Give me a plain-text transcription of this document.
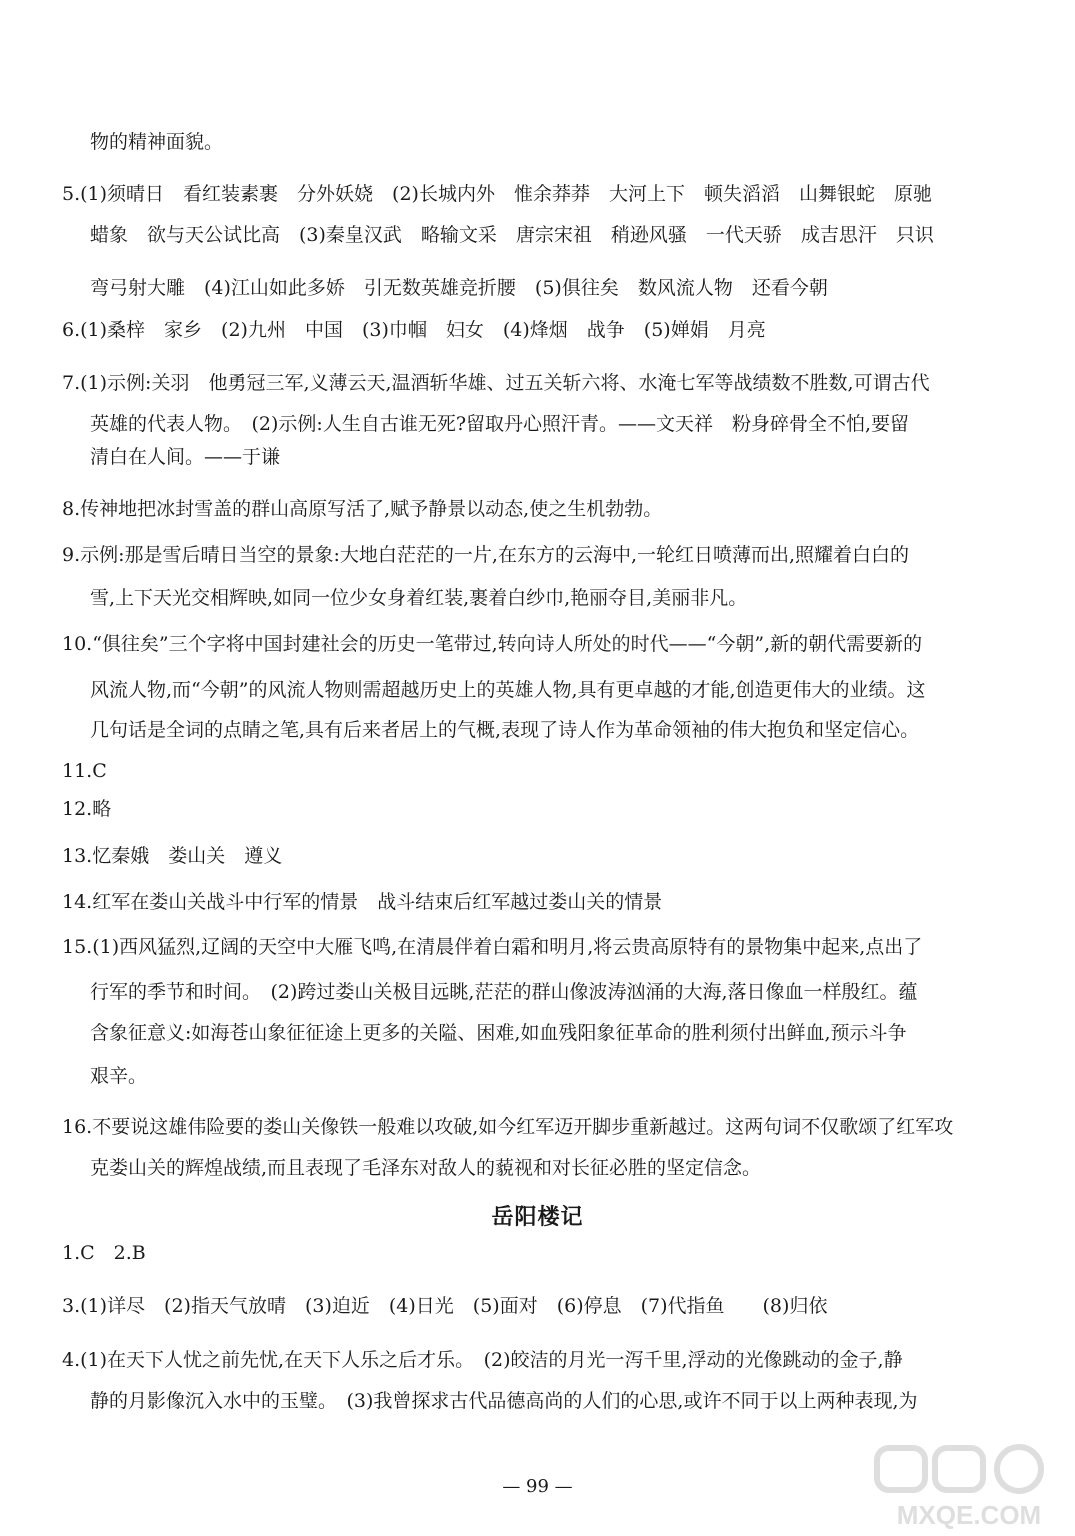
物的精神面貌。
5.(1)须晴日　看红装素裹　分外妖娆　(2)长城内外　惟余莽莽　大河上下　顿失滔滔　山舞银蛇　原驰
蜡象　欲与天公试比高　(3)秦皇汉武　略输文采　唐宗宋祖　稍逊风骚　一代天骄　成吉思汗　只识
弯弓射大雕　(4)江山如此多娇　引无数英雄竞折腰　(5)俱往矣　数风流人物　还看今朝
6.(1)桑梓　家乡　(2)九州　中国　(3)巾帼　妇女　(4)烽烟　战争　(5)婵娟　月亮
7.(1)示例:关羽　他勇冠三军,义薄云天,温酒斩华雄、过五关斩六将、水淹七军等战绩数不胜数,可谓古代
英雄的代表人物。　(2)示例:人生自古谁无死?留取丹心照汗青。——文天祥　粉身碎骨全不怕,要留
清白在人间。——于谦
8.传神地把冰封雪盖的群山高原写活了,赋予静景以动态,使之生机勃勃。
9.示例:那是雪后晴日当空的景象:大地白茫茫的一片,在东方的云海中,一轮红日喷薄而出,照耀着白白的
雪,上下天光交相辉映,如同一位少女身着红装,裹着白纱巾,艳丽夺目,美丽非凡。
10.“俱往矣”三个字将中国封建社会的历史一笔带过,转向诗人所处的时代——“今朝”,新的朝代需要新的
风流人物,而“今朝”的风流人物则需超越历史上的英雄人物,具有更卓越的才能,创造更伟大的业绩。这
几句话是全词的点睛之笔,具有后来者居上的气概,表现了诗人作为革命领袖的伟大抱负和坚定信心。
11.C
12.略
13.忆秦娥　娄山关　遵义
14.红军在娄山关战斗中行军的情景　战斗结束后红军越过娄山关的情景
15.(1)西风猛烈,辽阔的天空中大雁飞鸣,在清晨伴着白霜和明月,将云贵高原特有的景物集中起来,点出了
行军的季节和时间。　(2)跨过娄山关极目远眺,茫茫的群山像波涛汹涌的大海,落日像血一样殷红。蕴
含象征意义:如海苍山象征征途上更多的关隘、困难,如血残阳象征革命的胜利须付出鲜血,预示斗争
艰辛。
16.不要说这雄伟险要的娄山关像铁一般难以攻破,如今红军迈开脚步重新越过。这两句词不仅歌颂了红军攻
克娄山关的辉煌战绩,而且表现了毛泽东对敌人的藐视和对长征必胜的坚定信念。
岳阳楼记
1.C　2.B
3.(1)详尽　(2)指天气放晴　(3)迫近　(4)日光　(5)面对　(6)停息　(7)代指鱼　　(8)归依
4.(1)在天下人忧之前先忧,在天下人乐之后才乐。　(2)皎洁的月光一泻千里,浮动的光像跳动的金子,静
静的月影像沉入水中的玉璧。　(3)我曾探求古代品德高尚的人们的心思,或许不同于以上两种表现,为
— 99 —
MXQE.COM
